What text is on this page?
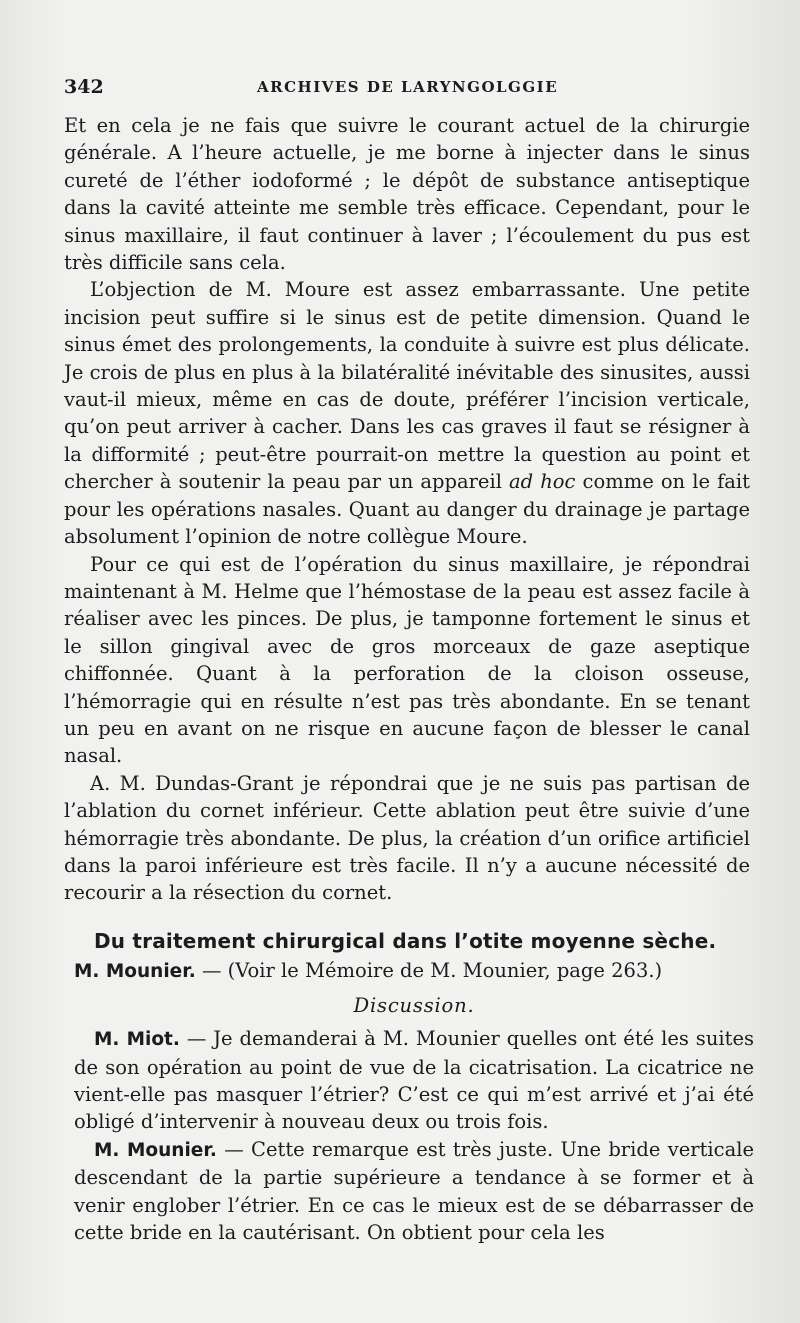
342	ARCHIVES DE LARYNGOLGGIE

Et en cela je ne fais que suivre le courant actuel de la chirurgie générale. A l’heure actuelle, je me borne à injecter dans le sinus cureté de l’éther iodoformé ; le dépôt de substance antiseptique dans la cavité atteinte me semble très efficace. Cependant, pour le sinus maxillaire, il faut continuer à laver ; l’écoulement du pus est très difficile sans cela.

L’objection de M. Moure est assez embarrassante. Une petite incision peut suffire si le sinus est de petite dimension. Quand le sinus émet des prolongements, la conduite à suivre est plus délicate. Je crois de plus en plus à la bilatéralité inévitable des sinusites, aussi vaut-il mieux, même en cas de doute, préférer l’incision verticale, qu’on peut arriver à cacher. Dans les cas graves il faut se résigner à la difformité ; peut-être pourrait-on mettre la question au point et chercher à soutenir la peau par un appareil ad hoc comme on le fait pour les opérations nasales. Quant au danger du drainage je partage absolument l’opinion de notre collègue Moure.

Pour ce qui est de l’opération du sinus maxillaire, je répondrai maintenant à M. Helme que l’hémostase de la peau est assez facile à réaliser avec les pinces. De plus, je tamponne fortement le sinus et le sillon gingival avec de gros morceaux de gaze aseptique chiffonnée. Quant à la perforation de la cloison osseuse, l’hémorragie qui en résulte n’est pas très abondante. En se tenant un peu en avant on ne risque en aucune façon de blesser le canal nasal.

A. M. Dundas-Grant je répondrai que je ne suis pas partisan de l’ablation du cornet inférieur. Cette ablation peut être suivie d’une hémorragie très abondante. De plus, la création d’un orifice artificiel dans la paroi inférieure est très facile. Il n’y a aucune nécessité de recourir a la résection du cornet.

Du traitement chirurgical dans l’otite moyenne sèche.

M. Mounier. — (Voir le Mémoire de M. Mounier, page 263.)

Discussion.

M. Miot. — Je demanderai à M. Mounier quelles ont été les suites de son opération au point de vue de la cicatrisation. La cicatrice ne vient-elle pas masquer l’étrier? C’est ce qui m’est arrivé et j’ai été obligé d’intervenir à nouveau deux ou trois fois.

M. Mounier. — Cette remarque est très juste. Une bride verticale descendant de la partie supérieure a tendance à se former et à venir englober l’étrier. En ce cas le mieux est de se débarrasser de cette bride en la cautérisant. On obtient pour cela les
